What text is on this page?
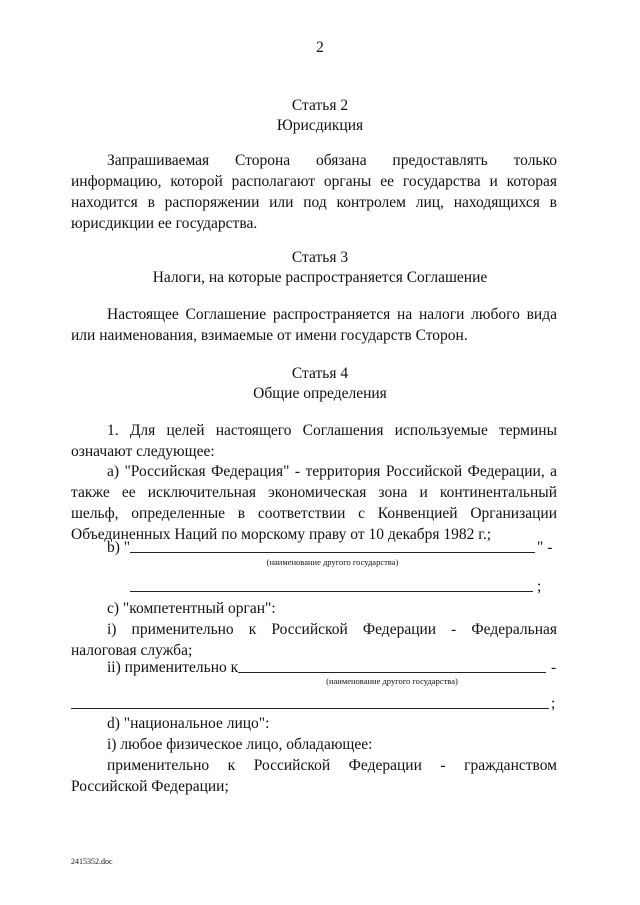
2
Статья 2
Юрисдикция
Запрашиваемая Сторона обязана предоставлять только информацию, которой располагают органы ее государства и которая находится в распоряжении или под контролем лиц, находящихся в юрисдикции ее государства.
Статья 3
Налоги, на которые распространяется Соглашение
Настоящее Соглашение распространяется на налоги любого вида или наименования, взимаемые от имени государств Сторон.
Статья 4
Общие определения
1. Для целей настоящего Соглашения используемые термины означают следующее:
а) "Российская Федерация" - территория Российской Федерации, а также ее исключительная экономическая зона и континентальный шельф, определенные в соответствии с Конвенцией Организации Объединенных Наций по морскому праву от 10 декабря 1982 г.;
b) "	" -
(наименование другого государства)
;
с) "компетентный орган":
i) применительно к Российской Федерации - Федеральная налоговая служба;
ii) применительно к	-
(наименование другого государства)
;
d) "национальное лицо":
i) любое физическое лицо, обладающее:
применительно к Российской Федерации - гражданством Российской Федерации;
2415352.doc
